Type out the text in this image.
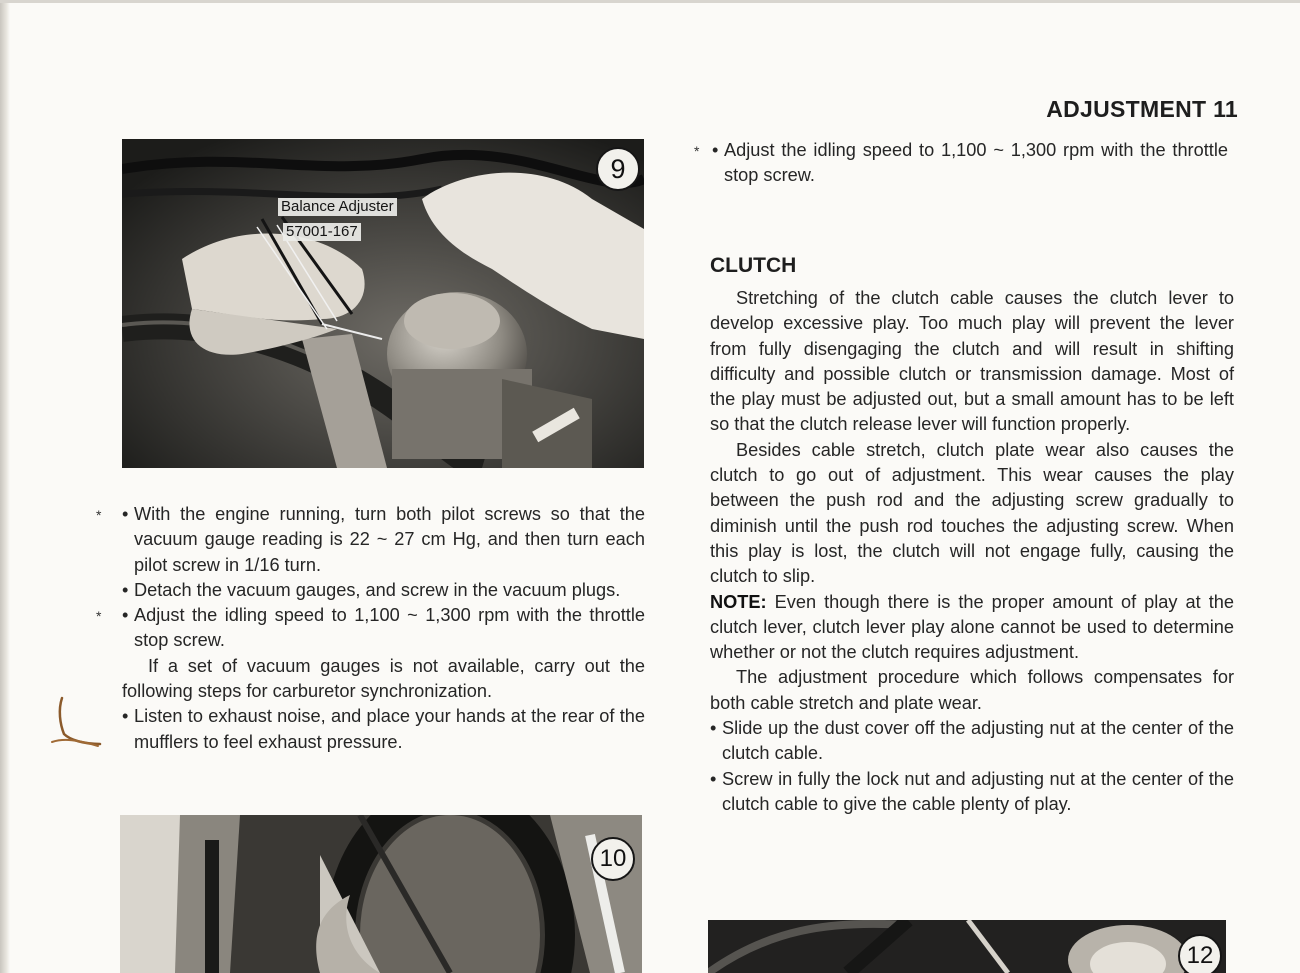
ADJUSTMENT 11
Balance Adjuster
57001-167
9
10
12
* • With the engine running, turn both pilot screws so that the vacuum gauge reading is 22 ~ 27 cm Hg, and then turn each pilot screw in 1/16 turn.
• Detach the vacuum gauges, and screw in the vacuum plugs.
* • Adjust the idling speed to 1,100 ~ 1,300 rpm with the throttle stop screw.

If a set of vacuum gauges is not available, carry out the following steps for carburetor synchronization.

• Listen to exhaust noise, and place your hands at the rear of the mufflers to feel exhaust pressure.
* • Adjust the idling speed to 1,100 ~ 1,300 rpm with the throttle stop screw.
CLUTCH

Stretching of the clutch cable causes the clutch lever to develop excessive play. Too much play will prevent the lever from fully disengaging the clutch and will result in shifting difficulty and possible clutch or transmission damage. Most of the play must be adjusted out, but a small amount has to be left so that the clutch release lever will function properly.

Besides cable stretch, clutch plate wear also causes the clutch to go out of adjustment. This wear causes the play between the push rod and the adjusting screw gradually to diminish until the push rod touches the adjusting screw. When this play is lost, the clutch will not engage fully, causing the clutch to slip.

NOTE: Even though there is the proper amount of play at the clutch lever, clutch lever play alone cannot be used to determine whether or not the clutch requires adjustment.

The adjustment procedure which follows compensates for both cable stretch and plate wear.

• Slide up the dust cover off the adjusting nut at the center of the clutch cable.
• Screw in fully the lock nut and adjusting nut at the center of the clutch cable to give the cable plenty of play.
